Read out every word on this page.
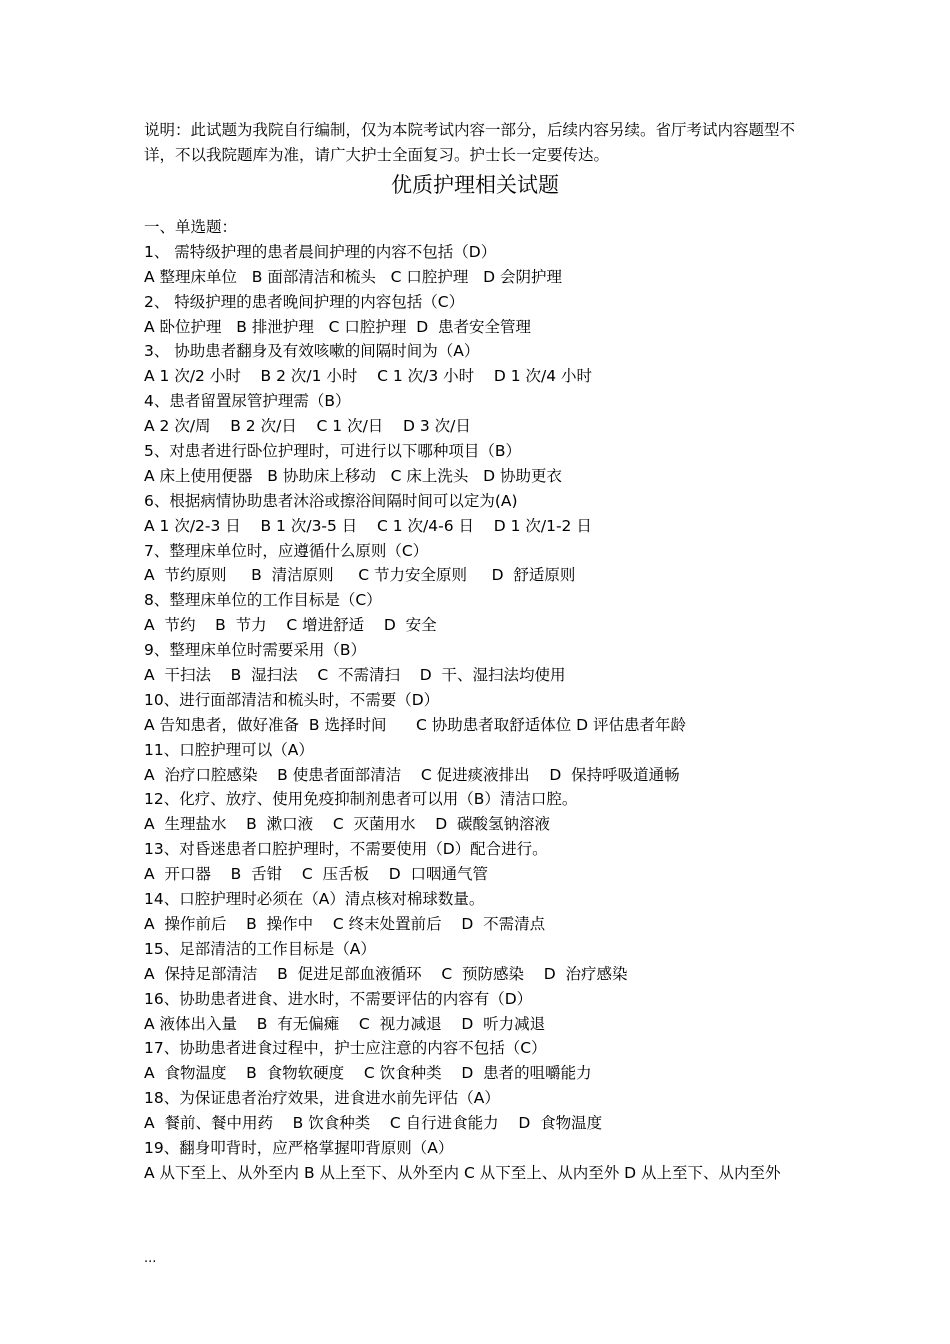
说明：此试题为我院自行编制，仅为本院考试内容一部分，后续内容另续。省厅考试内容题型不详，不以我院题库为准，请广大护士全面复习。护士长一定要传达。
优质护理相关试题
一、单选题：
1、 需特级护理的患者晨间护理的内容不包括（D）
A 整理床单位   B 面部清洁和梳头   C 口腔护理   D 会阴护理
2、 特级护理的患者晚间护理的内容包括（C）
A 卧位护理   B 排泄护理   C 口腔护理  D  患者安全管理
3、 协助患者翻身及有效咳嗽的间隔时间为（A）
A 1 次/2 小时    B 2 次/1 小时    C 1 次/3 小时    D 1 次/4 小时
4、患者留置尿管护理需（B）
A 2 次/周    B 2 次/日    C 1 次/日    D 3 次/日
5、对患者进行卧位护理时，可进行以下哪种项目（B）
A 床上使用便器   B 协助床上移动   C 床上洗头   D 协助更衣
6、根据病情协助患者沐浴或擦浴间隔时间可以定为(A)
A 1 次/2-3 日    B 1 次/3-5 日    C 1 次/4-6 日    D 1 次/1-2 日
7、整理床单位时，应遵循什么原则（C）
A  节约原则     B  清洁原则     C 节力安全原则     D  舒适原则
8、整理床单位的工作目标是（C）
A  节约    B  节力    C 增进舒适    D  安全
9、整理床单位时需要采用（B）
A  干扫法    B  湿扫法    C  不需清扫    D  干、湿扫法均使用
10、进行面部清洁和梳头时，不需要（D）
A 告知患者，做好准备  B 选择时间      C 协助患者取舒适体位 D 评估患者年龄
11、口腔护理可以（A）
A  治疗口腔感染    B 使患者面部清洁    C 促进痰液排出    D  保持呼吸道通畅
12、化疗、放疗、使用免疫抑制剂患者可以用（B）清洁口腔。
A  生理盐水    B  漱口液    C  灭菌用水    D  碳酸氢钠溶液
13、对昏迷患者口腔护理时，不需要使用（D）配合进行。
A  开口器    B  舌钳    C  压舌板    D  口咽通气管
14、口腔护理时必须在（A）清点核对棉球数量。
A  操作前后    B  操作中    C 终末处置前后    D  不需清点
15、足部清洁的工作目标是（A）
A  保持足部清洁    B  促进足部血液循环    C  预防感染    D  治疗感染
16、协助患者进食、进水时，不需要评估的内容有（D）
A 液体出入量    B  有无偏瘫    C  视力减退    D  听力减退
17、协助患者进食过程中，护士应注意的内容不包括（C）
A  食物温度    B  食物软硬度    C 饮食种类    D  患者的咀嚼能力
18、为保证患者治疗效果，进食进水前先评估（A）
A  餐前、餐中用药    B 饮食种类    C 自行进食能力    D  食物温度
19、翻身叩背时，应严格掌握叩背原则（A）
A 从下至上、从外至内 B 从上至下、从外至内 C 从下至上、从内至外 D 从上至下、从内至外
...
